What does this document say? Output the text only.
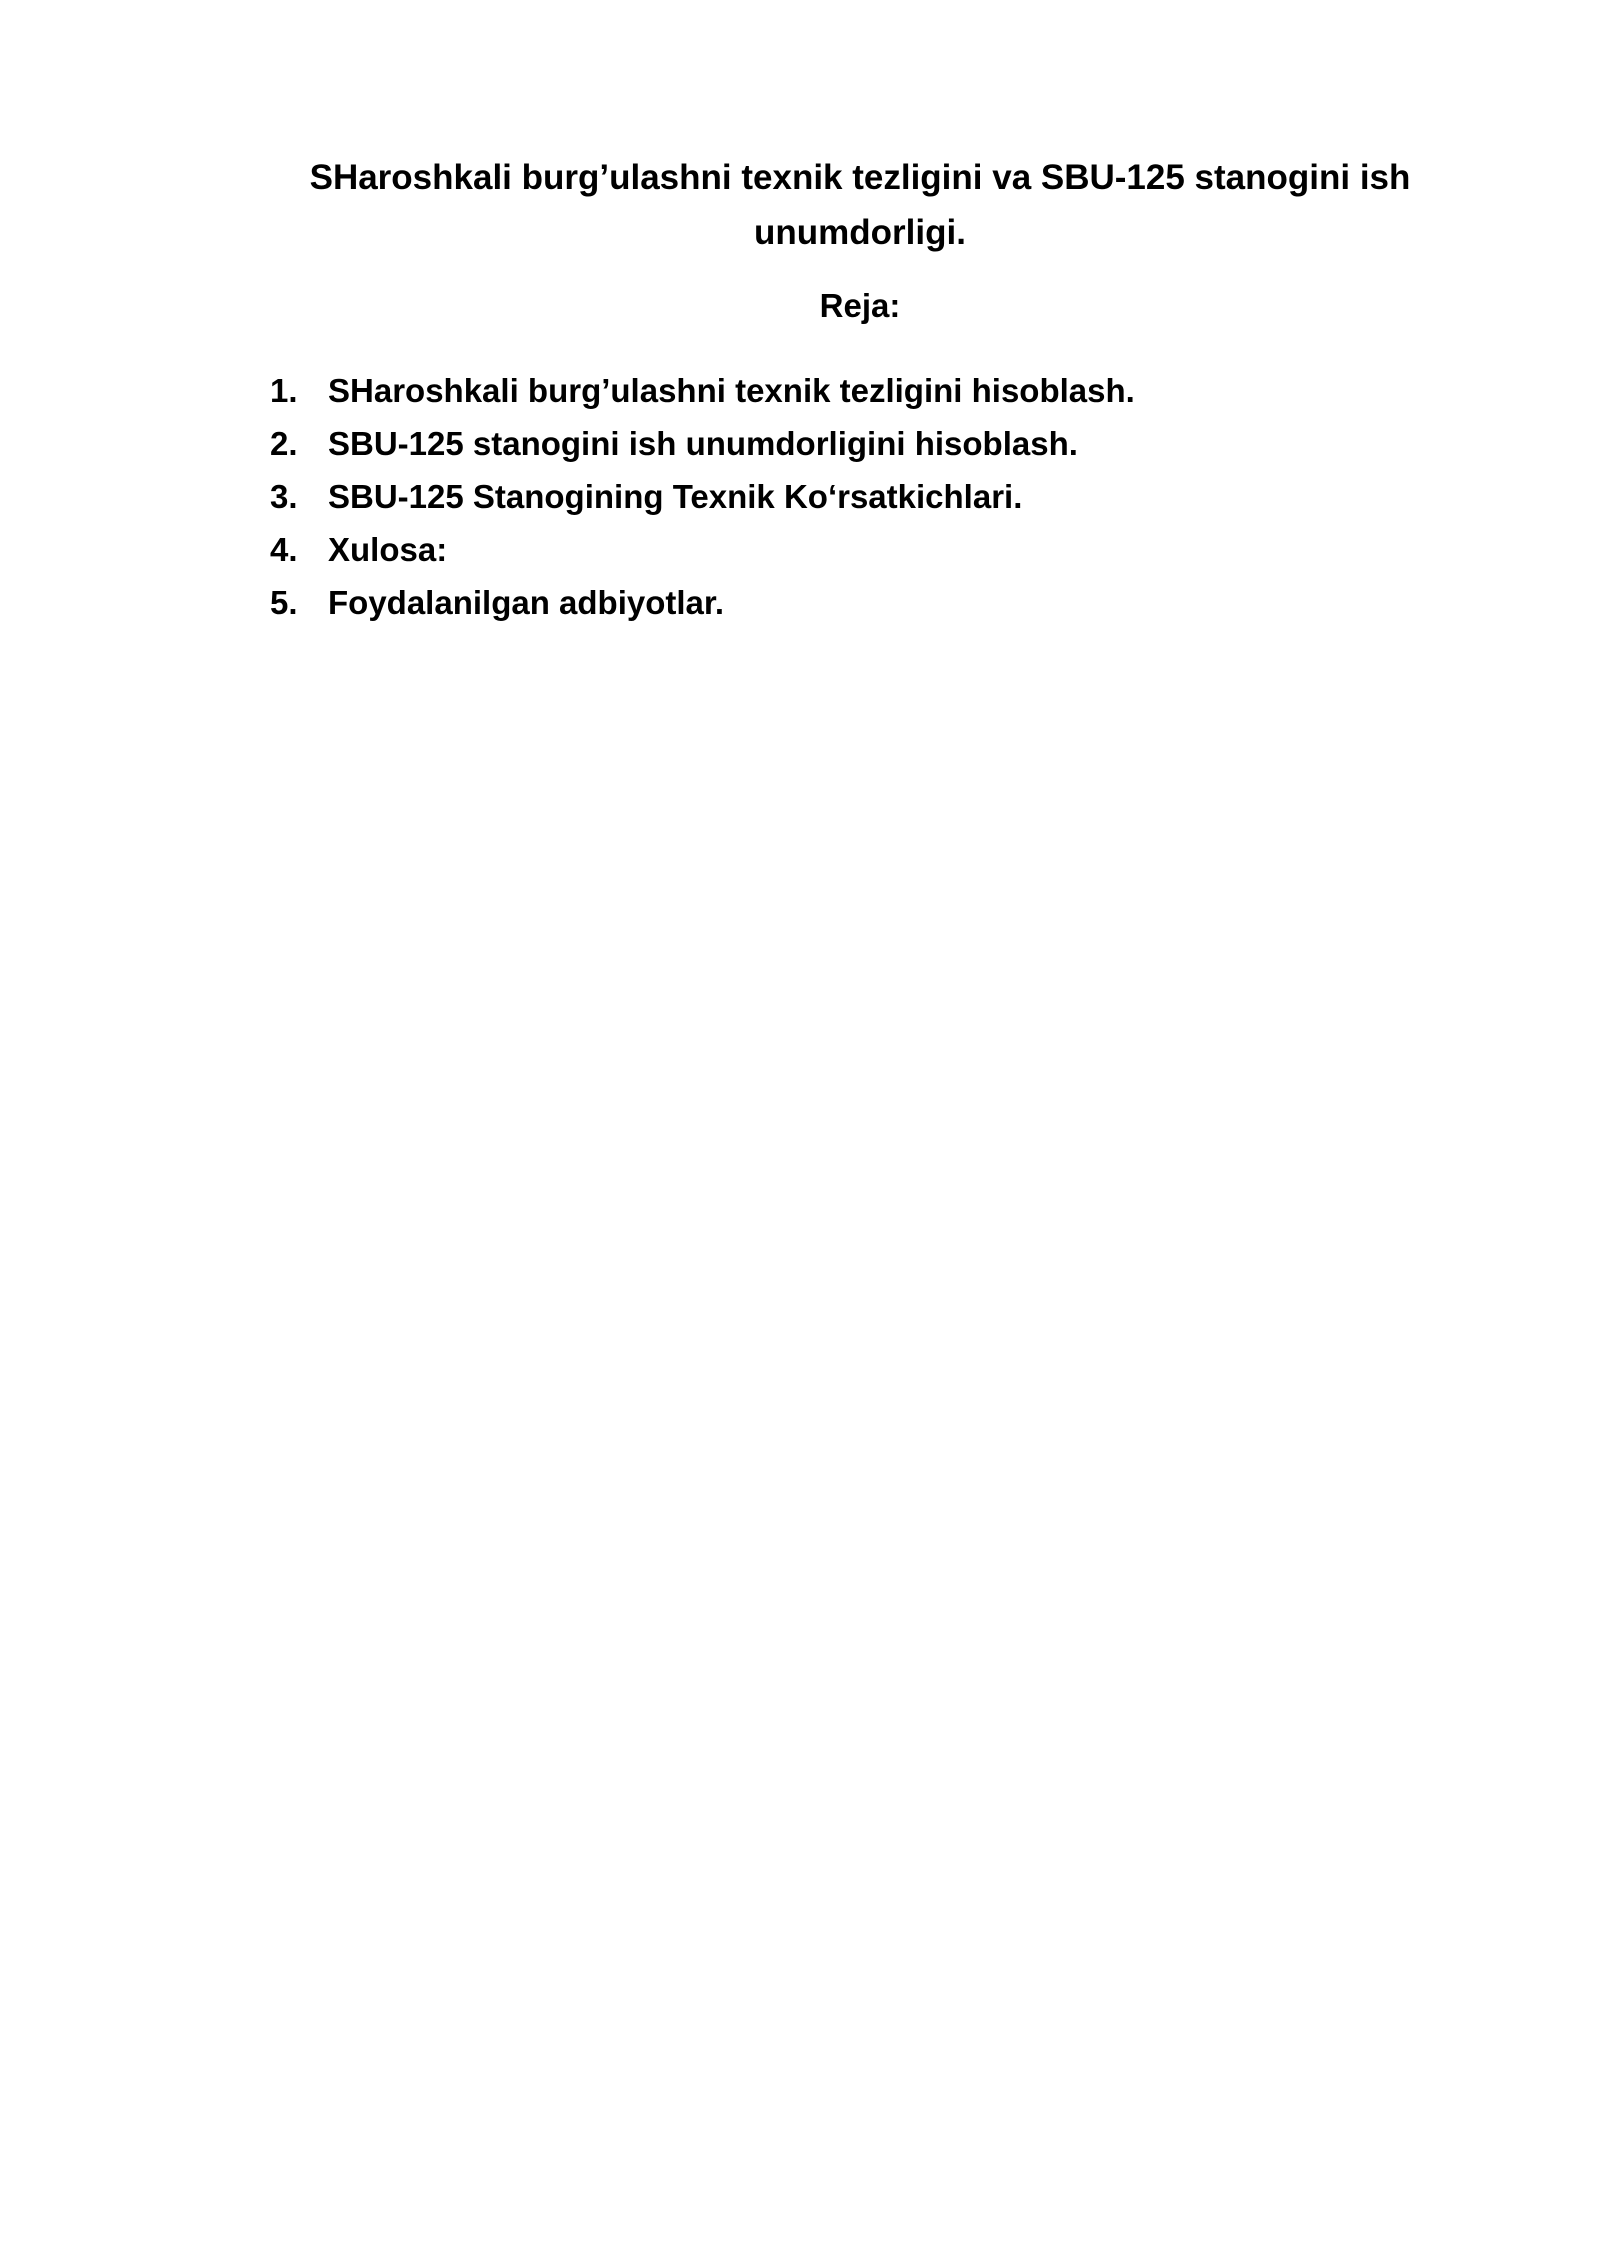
SHaroshkali burg’ulashni texnik tezligini va SBU-125 stanogini ish unumdorligi.
Reja:
1. SHaroshkali burg’ulashni texnik tezligini hisoblash.
2. SBU-125 stanogini ish unumdorligini hisoblash.
3. SBU-125 Stanogining Texnik Koʻrsatkichlari.
4. Xulosa:
5. Foydalanilgan adbiyotlar.
